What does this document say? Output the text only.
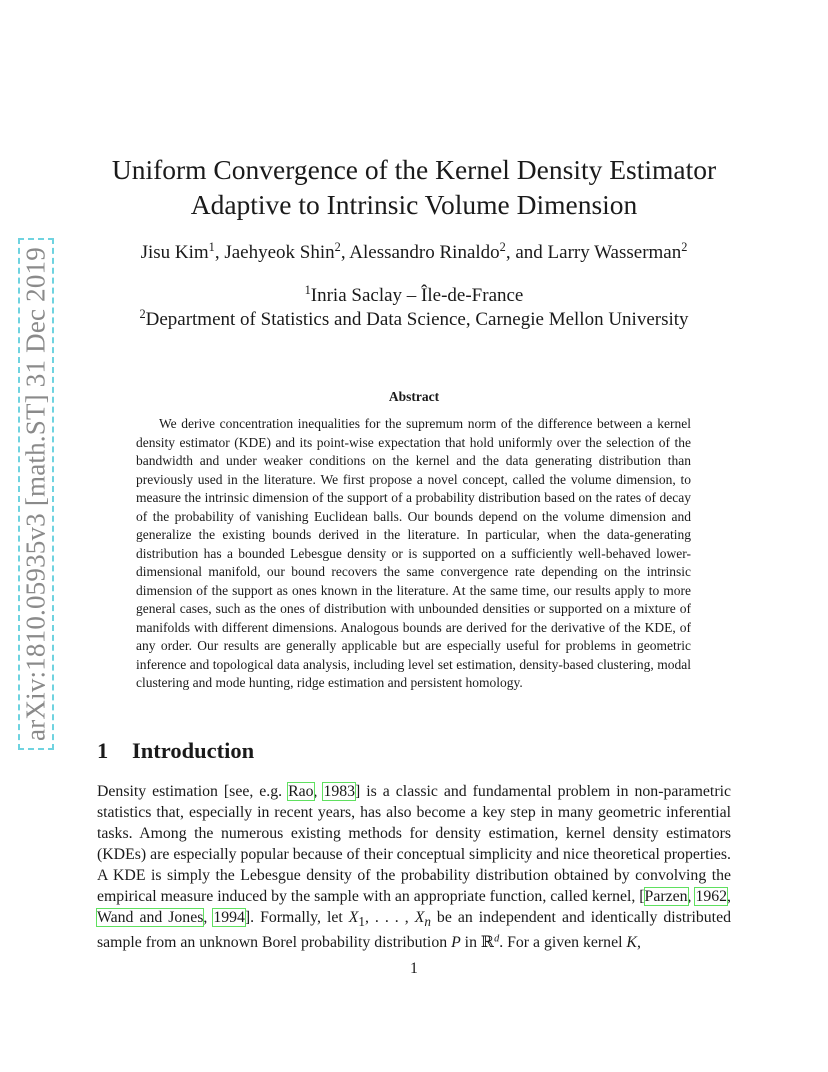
arXiv:1810.05935v3 [math.ST] 31 Dec 2019
Uniform Convergence of the Kernel Density Estimator
Adaptive to Intrinsic Volume Dimension
Jisu Kim$^1$, Jaehyeok Shin$^2$, Alessandro Rinaldo$^2$, and Larry Wasserman$^2$
$^1$Inria Saclay – Île-de-France
$^2$Department of Statistics and Data Science, Carnegie Mellon University
Abstract

We derive concentration inequalities for the supremum norm of the difference between a kernel density estimator (KDE) and its point-wise expectation that hold uniformly over the selection of the bandwidth and under weaker conditions on the kernel and the data generating distribution than previously used in the literature. We first propose a novel concept, called the volume dimension, to measure the intrinsic dimension of the support of a probability distribution based on the rates of decay of the probability of vanishing Euclidean balls. Our bounds depend on the volume dimension and generalize the existing bounds derived in the literature. In particular, when the data-generating distribution has a bounded Lebesgue density or is supported on a sufficiently well-behaved lower-dimensional manifold, our bound recovers the same convergence rate depending on the intrinsic dimension of the support as ones known in the literature. At the same time, our results apply to more general cases, such as the ones of distribution with unbounded densities or supported on a mixture of manifolds with different dimensions. Analogous bounds are derived for the derivative of the KDE, of any order. Our results are generally applicable but are especially useful for problems in geometric inference and topological data analysis, including level set estimation, density-based clustering, modal clustering and mode hunting, ridge estimation and persistent homology.

1 Introduction

Density estimation [see, e.g. Rao, 1983] is a classic and fundamental problem in non-parametric statistics that, especially in recent years, has also become a key step in many geometric inferential tasks. Among the numerous existing methods for density estimation, kernel density estimators (KDEs) are especially popular because of their conceptual simplicity and nice theoretical properties. A KDE is simply the Lebesgue density of the probability distribution obtained by convolving the empirical measure induced by the sample with an appropriate function, called kernel, [Parzen, 1962, Wand and Jones, 1994]. Formally, let $X_1$, . . . , $X_n$ be an independent and identically distributed sample from an unknown Borel probability distribution P in ℝ$^d$. For a given kernel K,

1
